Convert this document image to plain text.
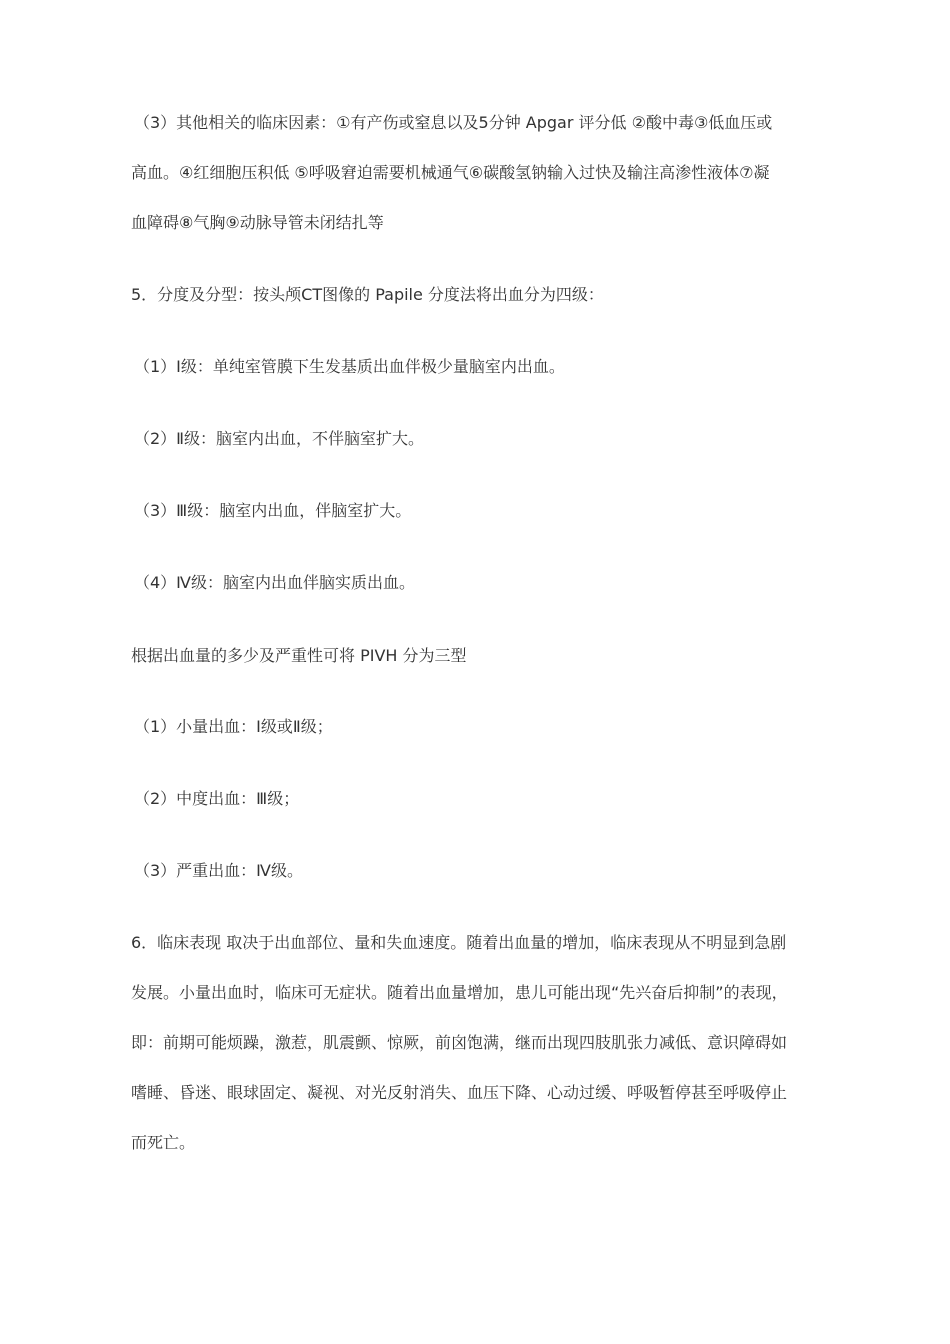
（3）其他相关的临床因素：①有产伤或窒息以及5分钟 Apgar 评分低 ②酸中毒③低血压或
高血。④红细胞压积低 ⑤呼吸窘迫需要机械通气⑥碳酸氢钠输入过快及输注高渗性液体⑦凝
血障碍⑧气胸⑨动脉导管未闭结扎等
5．分度及分型：按头颅CT图像的 Papile 分度法将出血分为四级：
（1）Ⅰ级：单纯室管膜下生发基质出血伴极少量脑室内出血。
（2）Ⅱ级：脑室内出血，不伴脑室扩大。
（3）Ⅲ级：脑室内出血，伴脑室扩大。
（4）Ⅳ级：脑室内出血伴脑实质出血。
根据出血量的多少及严重性可将 PIVH 分为三型
（1）小量出血：Ⅰ级或Ⅱ级；
（2）中度出血：Ⅲ级；
（3）严重出血：Ⅳ级。
6．临床表现 取决于出血部位、量和失血速度。随着出血量的增加，临床表现从不明显到急剧
发展。小量出血时，临床可无症状。随着出血量增加，患儿可能出现“先兴奋后抑制”的表现，
即：前期可能烦躁，激惹，肌震颤、惊厥，前囟饱满，继而出现四肢肌张力减低、意识障碍如
嗜睡、昏迷、眼球固定、凝视、对光反射消失、血压下降、心动过缓、呼吸暂停甚至呼吸停止
而死亡。
